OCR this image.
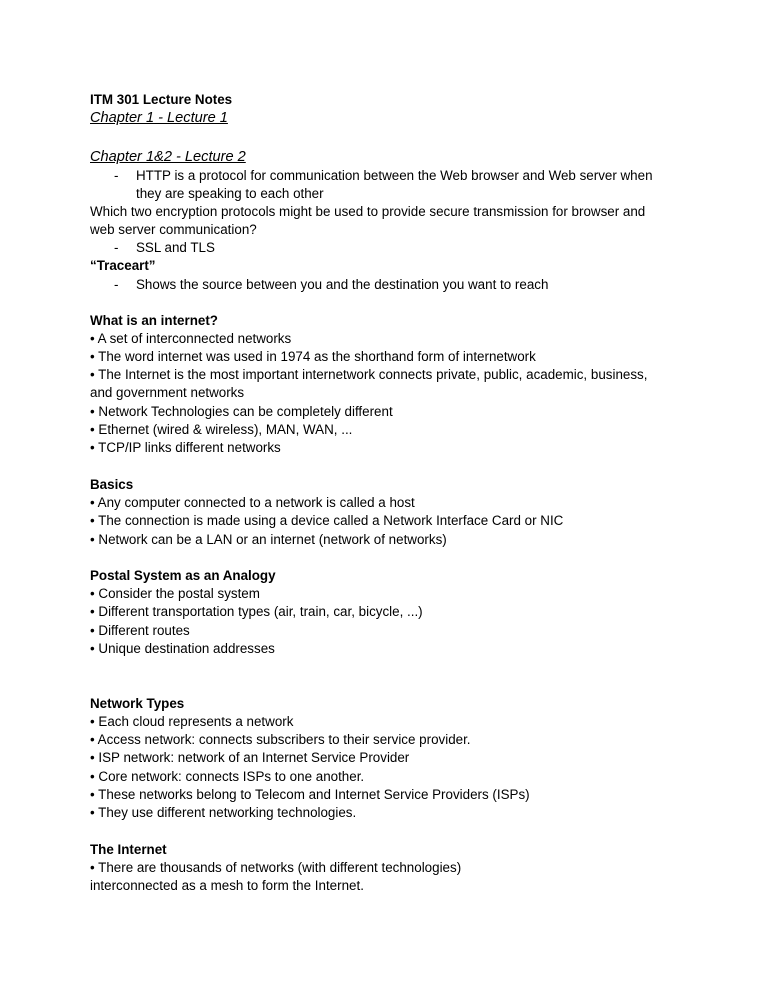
ITM 301 Lecture Notes
Chapter 1 - Lecture 1
Chapter 1&2 - Lecture 2
- HTTP is a protocol for communication between the Web browser and Web server when
they are speaking to each other
Which two encryption protocols might be used to provide secure transmission for browser and
web server communication?
- SSL and TLS
“Traceart”
- Shows the source between you and the destination you want to reach
What is an internet?
• A set of interconnected networks
• The word internet was used in 1974 as the shorthand form of internetwork
• The Internet is the most important internetwork connects private, public, academic, business,
and government networks
• Network Technologies can be completely different
• Ethernet (wired & wireless), MAN, WAN, ...
• TCP/IP links different networks
Basics
• Any computer connected to a network is called a host
• The connection is made using a device called a Network Interface Card or NIC
• Network can be a LAN or an internet (network of networks)
Postal System as an Analogy
• Consider the postal system
• Different transportation types (air, train, car, bicycle, ...)
• Different routes
• Unique destination addresses
Network Types
• Each cloud represents a network
• Access network: connects subscribers to their service provider.
• ISP network: network of an Internet Service Provider
• Core network: connects ISPs to one another.
• These networks belong to Telecom and Internet Service Providers (ISPs)
• They use different networking technologies.
The Internet
• There are thousands of networks (with different technologies)
interconnected as a mesh to form the Internet.
